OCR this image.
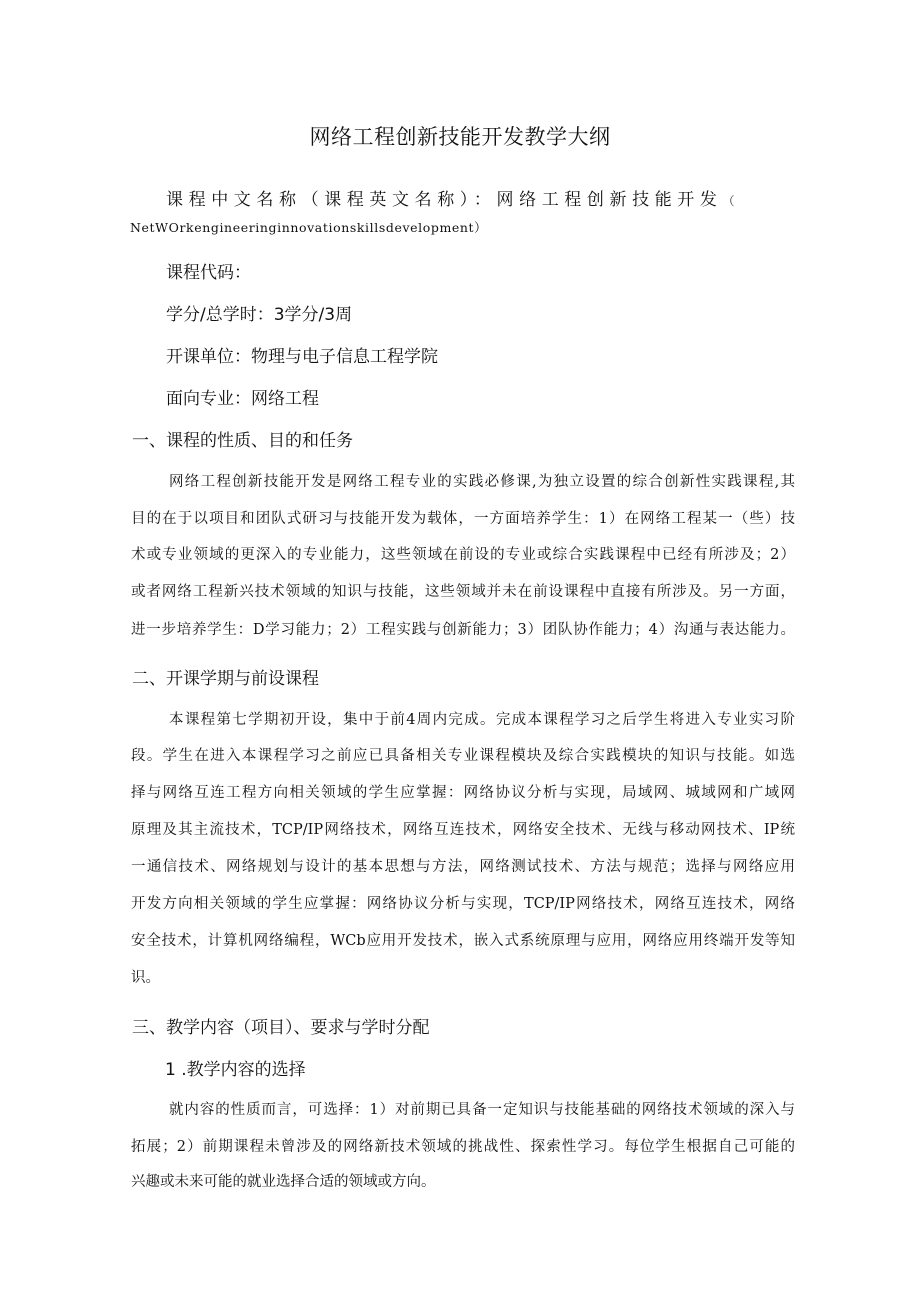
网络工程创新技能开发教学大纲
课程中文名称（课程英文名称）：网络工程创新技能开发（
NetWOrkengineeringinnovationskillsdevelopment）
课程代码：
学分/总学时：3学分/3周
开课单位：物理与电子信息工程学院
面向专业：网络工程
一、课程的性质、目的和任务
网络工程创新技能开发是网络工程专业的实践必修课,为独立设置的综合创新性实践课程,其
目的在于以项目和团队式研习与技能开发为载体，一方面培养学生：1）在网络工程某一（些）技
术或专业领域的更深入的专业能力，这些领域在前设的专业或综合实践课程中已经有所涉及；2）
或者网络工程新兴技术领域的知识与技能，这些领域并未在前设课程中直接有所涉及。另一方面，
进一步培养学生：D学习能力；2）工程实践与创新能力；3）团队协作能力；4）沟通与表达能力。
二、开课学期与前设课程
本课程第七学期初开设，集中于前4周内完成。完成本课程学习之后学生将进入专业实习阶
段。学生在进入本课程学习之前应已具备相关专业课程模块及综合实践模块的知识与技能。如选
择与网络互连工程方向相关领域的学生应掌握：网络协议分析与实现，局域网、城域网和广域网
原理及其主流技术，TCP/IP网络技术，网络互连技术，网络安全技术、无线与移动网技术、IP统
一通信技术、网络规划与设计的基本思想与方法，网络测试技术、方法与规范；选择与网络应用
开发方向相关领域的学生应掌握：网络协议分析与实现，TCP/IP网络技术，网络互连技术，网络
安全技术，计算机网络编程，WCb应用开发技术，嵌入式系统原理与应用，网络应用终端开发等知
识。
三、教学内容（项目）、要求与学时分配
1 .教学内容的选择
就内容的性质而言，可选择：1）对前期已具备一定知识与技能基础的网络技术领域的深入与
拓展；2）前期课程未曾涉及的网络新技术领域的挑战性、探索性学习。每位学生根据自己可能的
兴趣或未来可能的就业选择合适的领域或方向。
